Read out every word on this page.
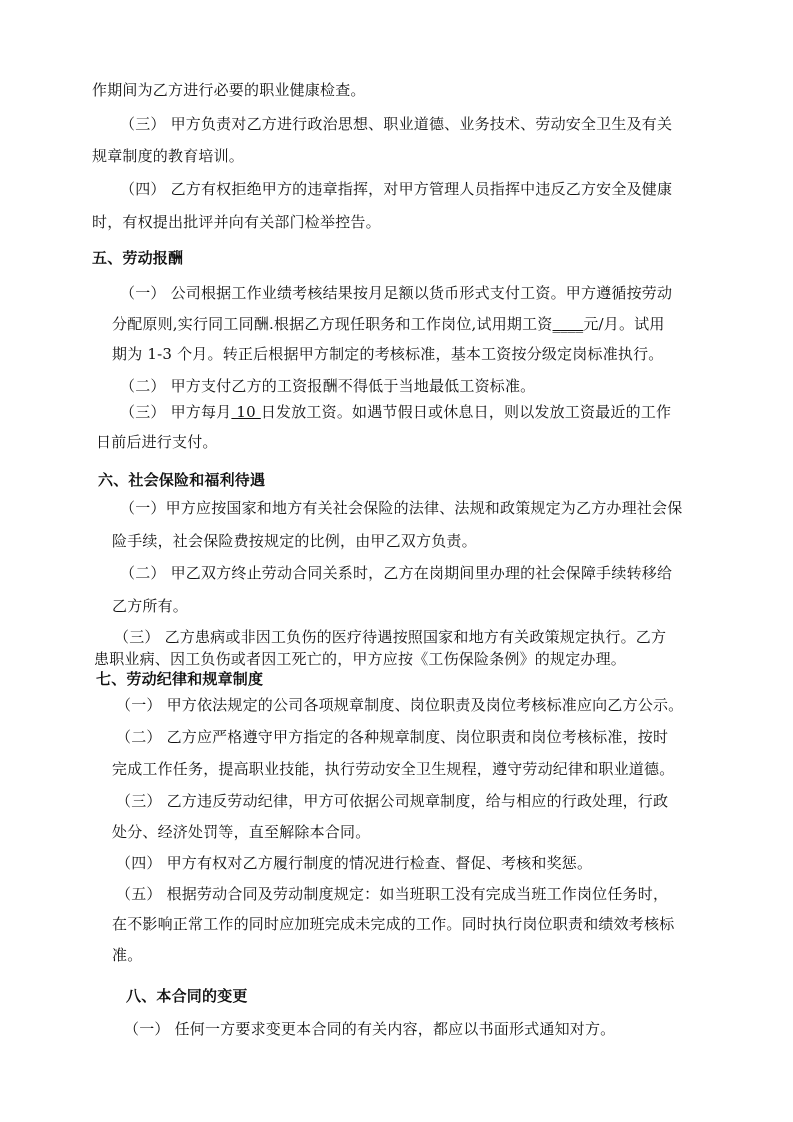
作期间为乙方进行必要的职业健康检查。
（三） 甲方负责对乙方进行政治思想、职业道德、业务技术、劳动安全卫生及有关
规章制度的教育培训。
（四） 乙方有权拒绝甲方的违章指挥，对甲方管理人员指挥中违反乙方安全及健康
时，有权提出批评并向有关部门检举控告。
五、劳动报酬
（一） 公司根据工作业绩考核结果按月足额以货币形式支付工资。甲方遵循按劳动
分配原则,实行同工同酬.根据乙方现任职务和工作岗位,试用期工资____元/月。试用
期为 1-3 个月。转正后根据甲方制定的考核标准，基本工资按分级定岗标准执行。
（二） 甲方支付乙方的工资报酬不得低于当地最低工资标准。
（三） 甲方每月 10 日发放工资。如遇节假日或休息日，则以发放工资最近的工作
日前后进行支付。
六、社会保险和福利待遇
（一）甲方应按国家和地方有关社会保险的法律、法规和政策规定为乙方办理社会保
险手续，社会保险费按规定的比例，由甲乙双方负责。
（二） 甲乙双方终止劳动合同关系时，乙方在岗期间里办理的社会保障手续转移给
乙方所有。
（三） 乙方患病或非因工负伤的医疗待遇按照国家和地方有关政策规定执行。乙方
患职业病、因工负伤或者因工死亡的，甲方应按《工伤保险条例》的规定办理。
七、劳动纪律和规章制度
（一） 甲方依法规定的公司各项规章制度、岗位职责及岗位考核标准应向乙方公示。
（二） 乙方应严格遵守甲方指定的各种规章制度、岗位职责和岗位考核标准，按时
完成工作任务，提高职业技能，执行劳动安全卫生规程，遵守劳动纪律和职业道德。
（三） 乙方违反劳动纪律，甲方可依据公司规章制度，给与相应的行政处理，行政
处分、经济处罚等，直至解除本合同。
（四） 甲方有权对乙方履行制度的情况进行检查、督促、考核和奖惩。
（五） 根据劳动合同及劳动制度规定：如当班职工没有完成当班工作岗位任务时，
在不影响正常工作的同时应加班完成未完成的工作。同时执行岗位职责和绩效考核标
准。
八、本合同的变更
（一） 任何一方要求变更本合同的有关内容，都应以书面形式通知对方。
